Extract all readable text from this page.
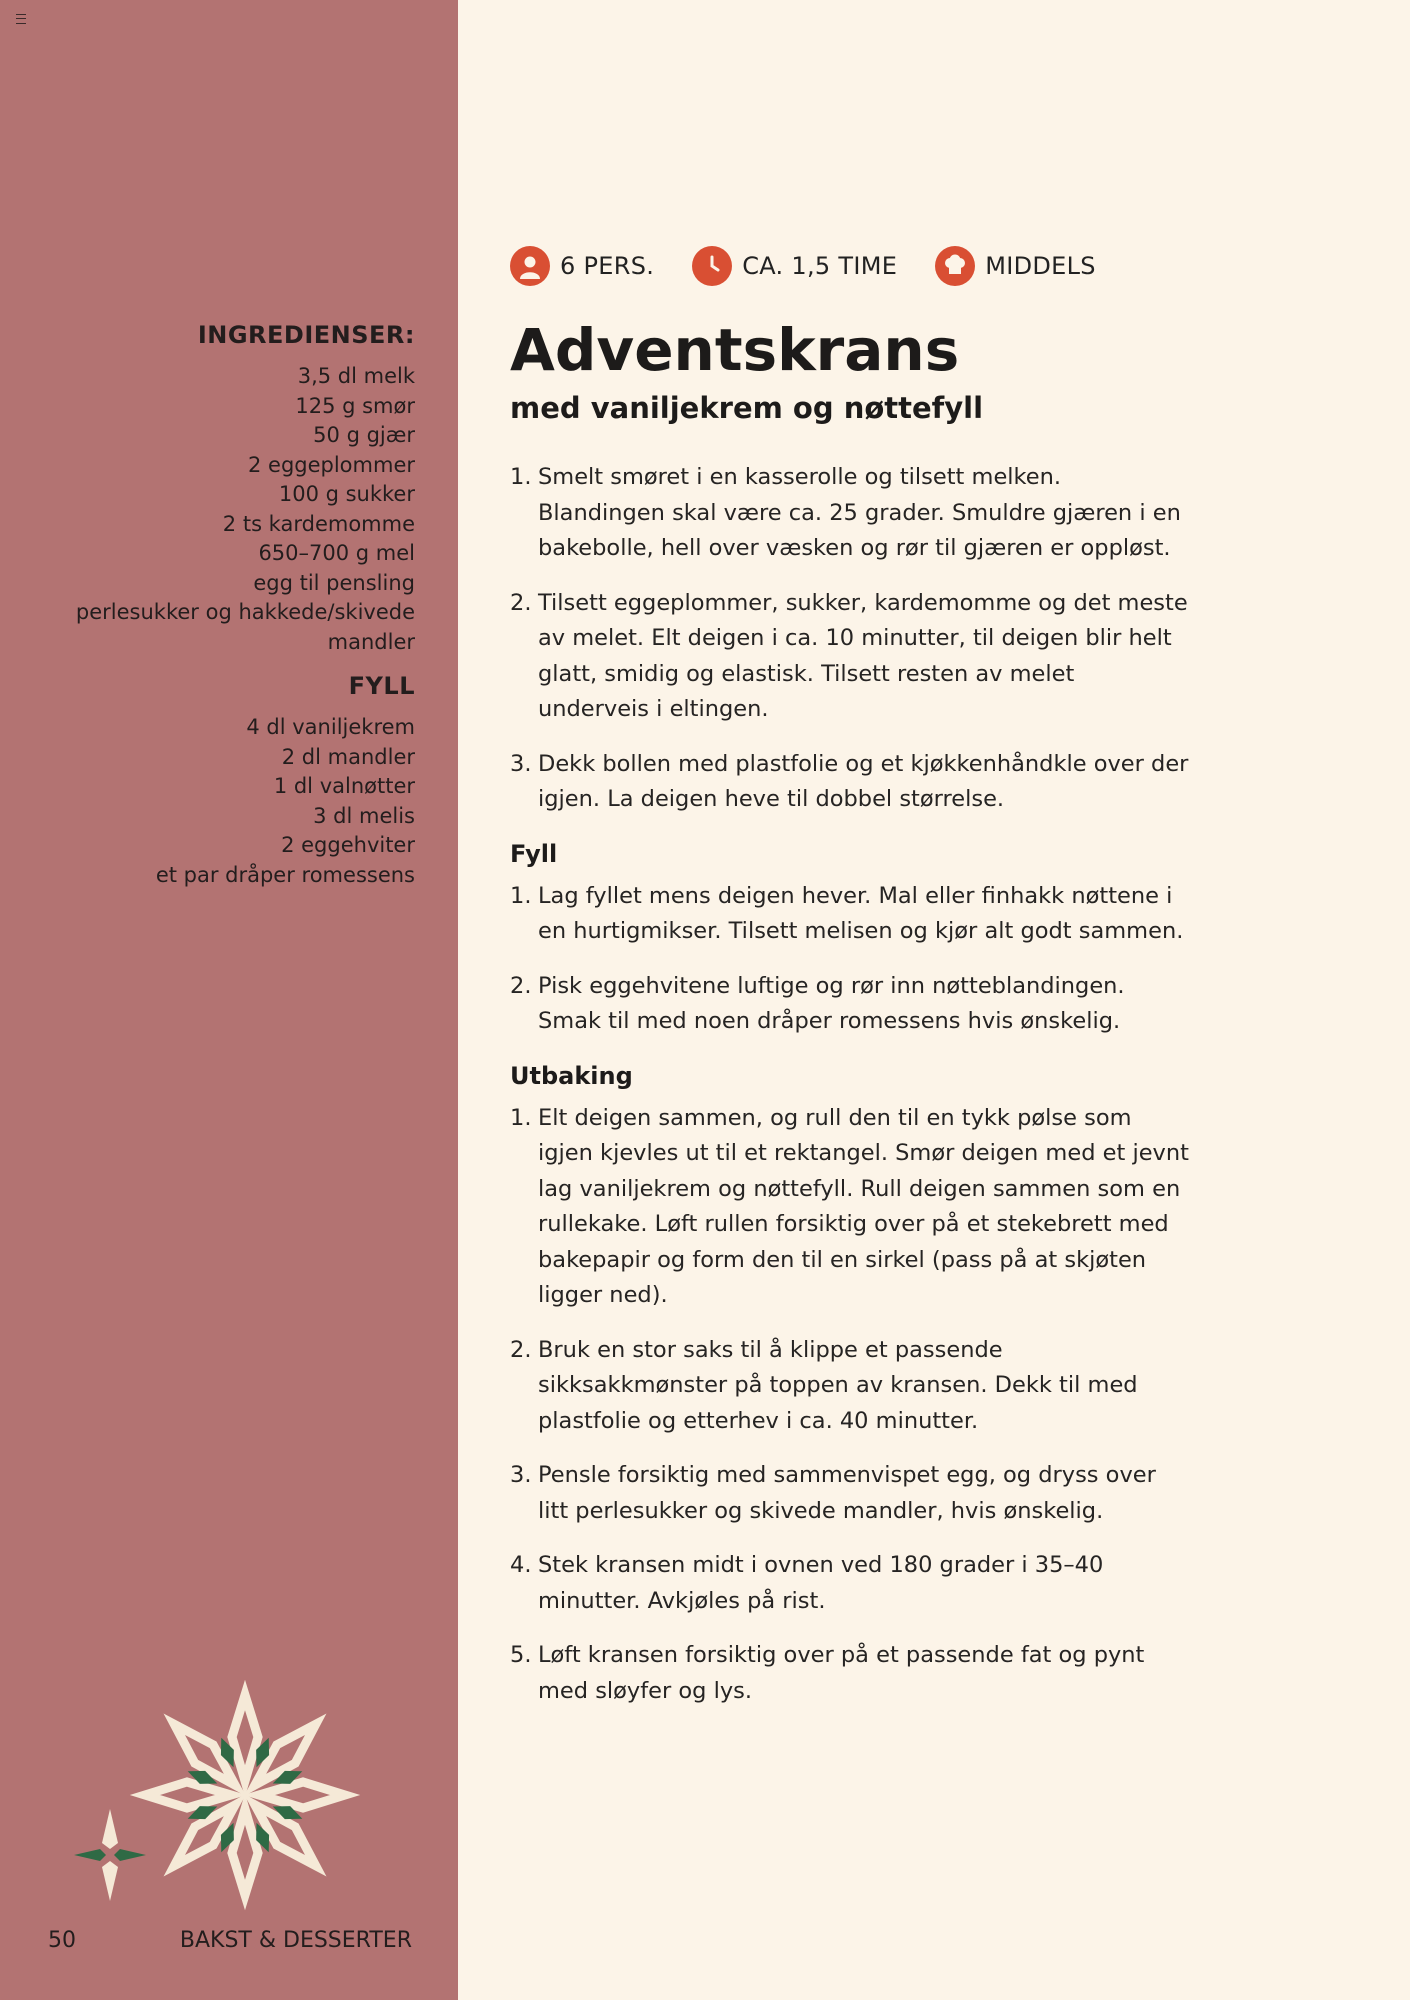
INGREDIENSER:
3,5 dl melk
125 g smør
50 g gjær
2 eggeplommer
100 g sukker
2 ts kardemomme
650–700 g mel
egg til pensling
perlesukker og hakkede/skivede
mandler
FYLL
4 dl vaniljekrem
2 dl mandler
1 dl valnøtter
3 dl melis
2 eggehviter
et par dråper romessens
50	BAKST & DESSERTER
6 PERS.	CA. 1,5 TIME	MIDDELS
Adventskrans
med vaniljekrem og nøttefyll
1. Smelt smøret i en kasserolle og tilsett melken. Blandingen skal være ca. 25 grader. Smuldre gjæren i en bakebolle, hell over væsken og rør til gjæren er oppløst.
2. Tilsett eggeplommer, sukker, kardemomme og det meste av melet. Elt deigen i ca. 10 minutter, til deigen blir helt glatt, smidig og elastisk. Tilsett resten av melet underveis i eltingen.
3. Dekk bollen med plastfolie og et kjøkkenhåndkle over der igjen. La deigen heve til dobbel størrelse.
Fyll
1. Lag fyllet mens deigen hever. Mal eller finhakk nøttene i en hurtigmikser. Tilsett melisen og kjør alt godt sammen.
2. Pisk eggehvitene luftige og rør inn nøtteblandingen. Smak til med noen dråper romessens hvis ønskelig.
Utbaking
1. Elt deigen sammen, og rull den til en tykk pølse som igjen kjevles ut til et rektangel. Smør deigen med et jevnt lag vaniljekrem og nøttefyll. Rull deigen sammen som en rullekake. Løft rullen forsiktig over på et stekebrett med bakepapir og form den til en sirkel (pass på at skjøten ligger ned).
2. Bruk en stor saks til å klippe et passende sikksakkmønster på toppen av kransen. Dekk til med plastfolie og etterhev i ca. 40 minutter.
3. Pensle forsiktig med sammenvispet egg, og dryss over litt perlesukker og skivede mandler, hvis ønskelig.
4. Stek kransen midt i ovnen ved 180 grader i 35–40 minutter. Avkjøles på rist.
5. Løft kransen forsiktig over på et passende fat og pynt med sløyfer og lys.
